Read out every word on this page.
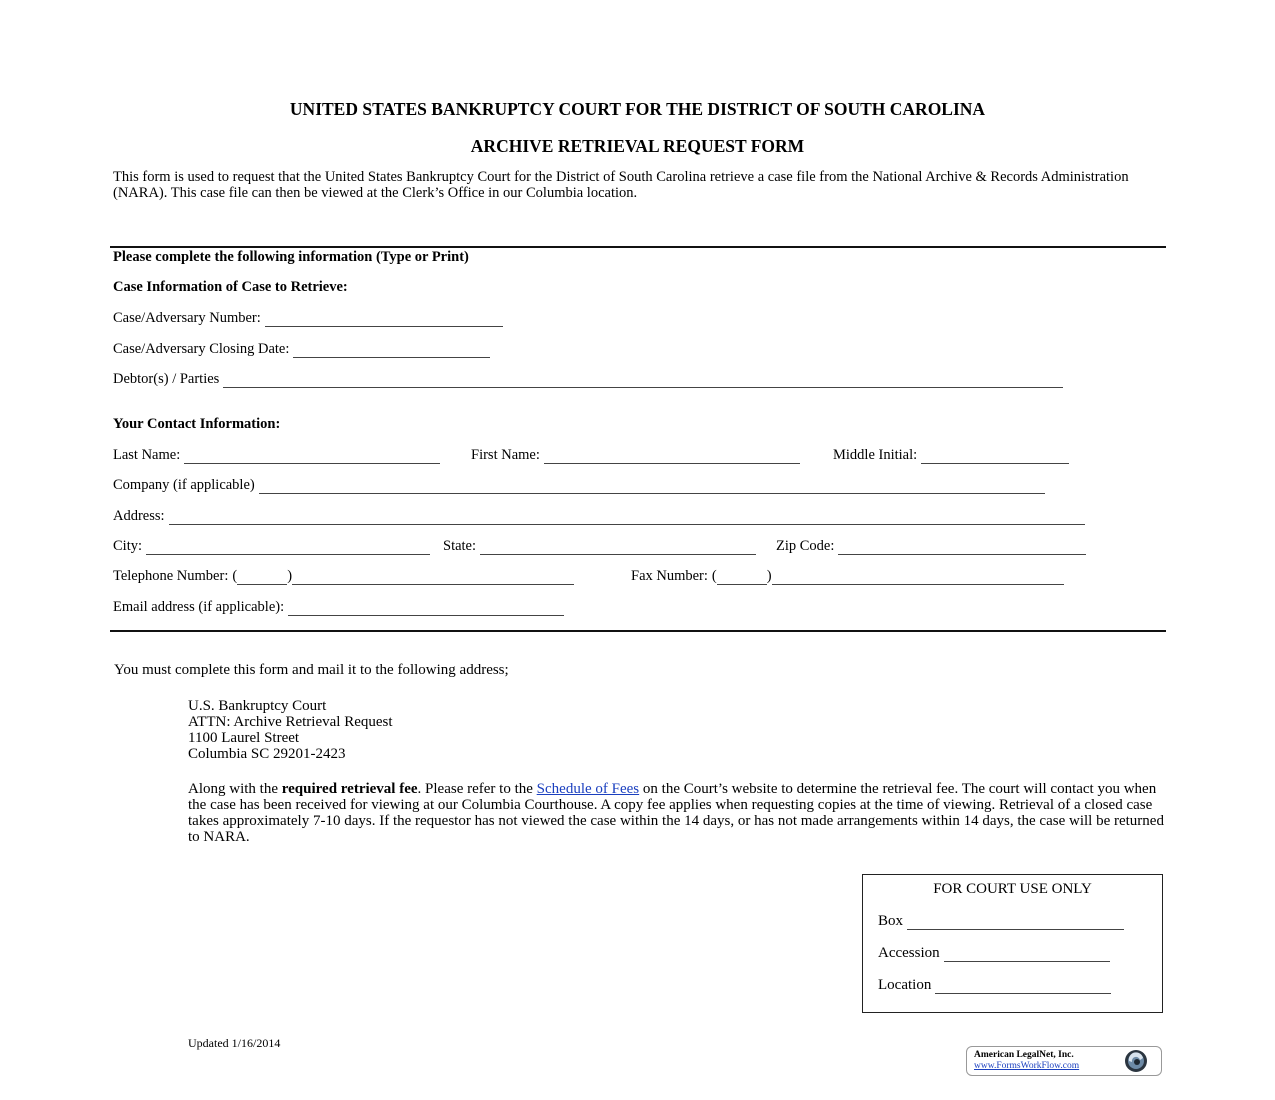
UNITED STATES BANKRUPTCY COURT FOR THE DISTRICT OF SOUTH CAROLINA
ARCHIVE RETRIEVAL REQUEST FORM
This form is used to request that the United States Bankruptcy Court for the District of South Carolina retrieve a case file from the National Archive & Records Administration (NARA). This case file can then be viewed at the Clerk’s Office in our Columbia location.
Please complete the following information (Type or Print)
Case Information of Case to Retrieve:
Case/Adversary Number:
Case/Adversary Closing Date:
Debtor(s) / Parties
Your Contact Information:
Last Name:	First Name:	Middle Initial:
Company (if applicable)
Address:
City:	State:	Zip Code:
Telephone Number: (	)	Fax Number: (	)
Email address (if applicable):
You must complete this form and mail it to the following address;
U.S. Bankruptcy Court
ATTN: Archive Retrieval Request
1100 Laurel Street
Columbia SC 29201-2423
Along with the required retrieval fee. Please refer to the Schedule of Fees on the Court’s website to determine the retrieval fee. The court will contact you when the case has been received for viewing at our Columbia Courthouse. A copy fee applies when requesting copies at the time of viewing. Retrieval of a closed case takes approximately 7-10 days. If the requestor has not viewed the case within the 14 days, or has not made arrangements within 14 days, the case will be returned to NARA.
FOR COURT USE ONLY
Box
Accession
Location
Updated 1/16/2014
American LegalNet, Inc.
www.FormsWorkFlow.com
